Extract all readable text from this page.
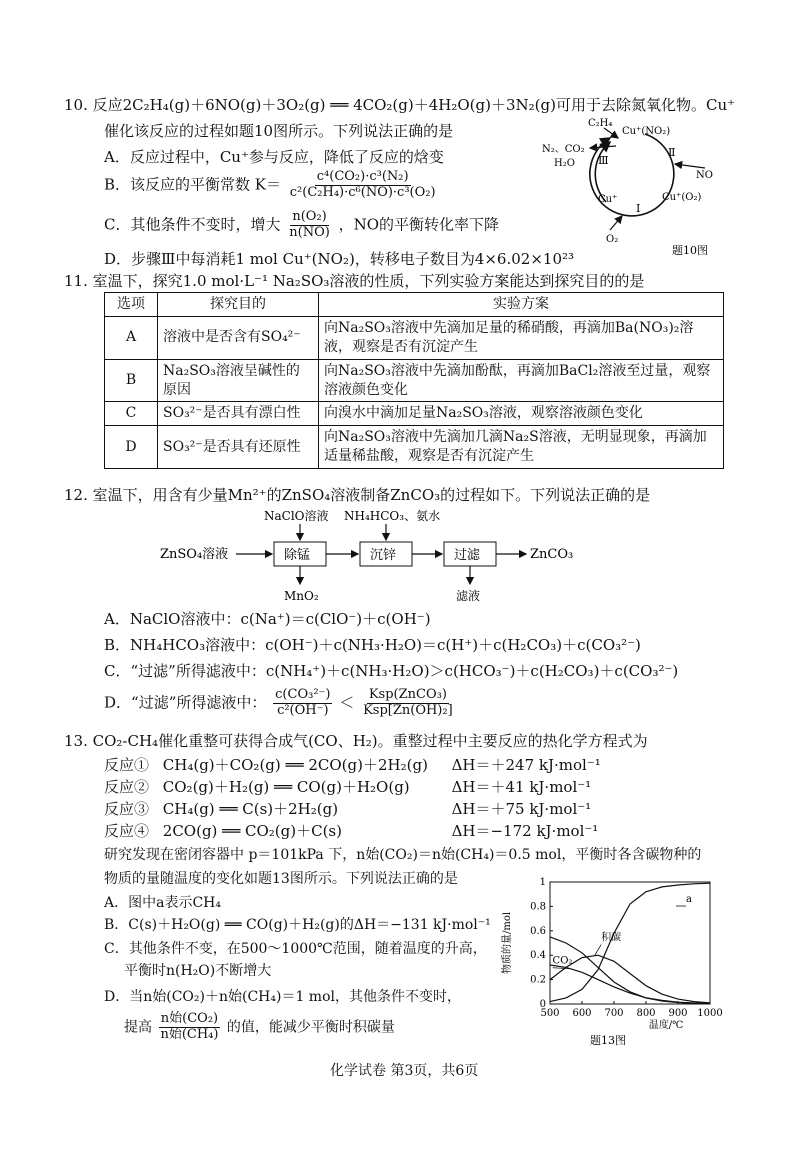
10. 反应2C₂H₄(g)＋6NO(g)＋3O₂(g) ══ 4CO₂(g)＋4H₂O(g)＋3N₂(g)可用于去除氮氧化物。Cu⁺
催化该反应的过程如题10图所示。下列说法正确的是
A．反应过程中，Cu⁺参与反应，降低了反应的焓变
B．该反应的平衡常数 $K= \frac{\text{c⁴(CO₂)·c³(N₂)}}{\text{c²(C₂H₄)·c⁶(NO)·c³(O₂)}}$
C．其他条件不变时，增大 $\frac{\text{n(O₂)}}{n(NO)}$ ，NO的平衡转化率下降
D．步骤Ⅲ中每消耗1 mol Cu⁺(NO₂)，转移电子数目为4×6.02×10²³
C₂H₄
Cu⁺(NO₂)
N₂、CO₂
H₂O Ⅲ
Ⅱ
NO
Cu⁺	Cu⁺(O₂)
Ⅰ
O₂
题10图
11. 室温下，探究1.0 mol·L⁻¹ Na₂SO₃溶液的性质，下列实验方案能达到探究目的的是
选项	探究目的	实验方案
A	溶液中是否含有SO₄²⁻	向Na₂SO₃溶液中先滴加足量的稀硝酸，再滴加Ba(NO₃)₂溶液，观察是否有沉淀产生
B	Na₂SO₃溶液呈碱性的原因	向Na₂SO₃溶液中先滴加酚酞，再滴加BaCl₂溶液至过量，观察溶液颜色变化
C	SO₃²⁻是否具有漂白性	向溴水中滴加足量Na₂SO₃溶液，观察溶液颜色变化
D	SO₃²⁻是否具有还原性	向Na₂SO₃溶液中先滴加几滴Na₂S溶液，无明显现象，再滴加适量稀盐酸，观察是否有沉淀产生
12. 室温下，用含有少量Mn²⁺的ZnSO₄溶液制备ZnCO₃的过程如下。下列说法正确的是
ZnSO₄溶液	除锰
NaClO溶液
MnO₂
沉锌
NH₄HCO₃、氨水
过滤
滤液
ZnCO₃
A．NaClO溶液中：c(Na⁺)＝c(ClO⁻)＋c(OH⁻)
B．NH₄HCO₃溶液中：c(OH⁻)＋c(NH₃·H₂O)＝c(H⁺)＋c(H₂CO₃)＋c(CO₃²⁻)
C．“过滤”所得滤液中：c(NH₄⁺)＋c(NH₃·H₂O)＞c(HCO₃⁻)＋c(H₂CO₃)＋c(CO₃²⁻)
D．“过滤”所得滤液中： $\frac{\text{c(CO₃²⁻)}}{\text{c²(OH⁻)}} < \frac{\text{Ksp(ZnCO₃)}}{\text{Ksp[Zn(OH)₂]}}$
13. CO₂-CH₄催化重整可获得合成气(CO、H₂)。重整过程中主要反应的热化学方程式为
反应① CH₄(g)＋CO₂(g) ══ 2CO(g)＋2H₂(g) ΔH＝＋247 kJ·mol⁻¹
反应② CO₂(g)＋H₂(g) ══ CO(g)＋H₂O(g)	ΔH＝＋41 kJ·mol⁻¹
反应③ CH₄(g) ══ C(s)＋2H₂(g)	ΔH＝＋75 kJ·mol⁻¹
反应④ 2CO(g) ══ CO₂(g)＋C(s)	ΔH＝−172 kJ·mol⁻¹
研究发现在密闭容器中 p＝101kPa 下，n始(CO₂)＝n始(CH₄)＝0.5 mol，平衡时各含碳物种的
物质的量随温度的变化如题13图所示。下列说法正确的是
A．图中a表示CH₄
B．C(s)＋H₂O(g) ══ CO(g)＋H₂(g)的ΔH＝−131 kJ·mol⁻¹
C．其他条件不变，在500～1000℃范围，随着温度的升高，
平衡时n(H₂O)不断增大
D．当n始(CO₂)＋n始(CH₄)＝1 mol，其他条件不变时，
提高 $\frac{\text{n始(CO₂)}}{\text{n始(CH₄)}}$ 的值，能减少平衡时积碳量
500 600 700 800 900 1000
0
0.2
0.4
0.6
0.8
1
物质的量/mol
温度/℃
a
CO₂
积碳
题13图
化学试卷 第3页，共6页
